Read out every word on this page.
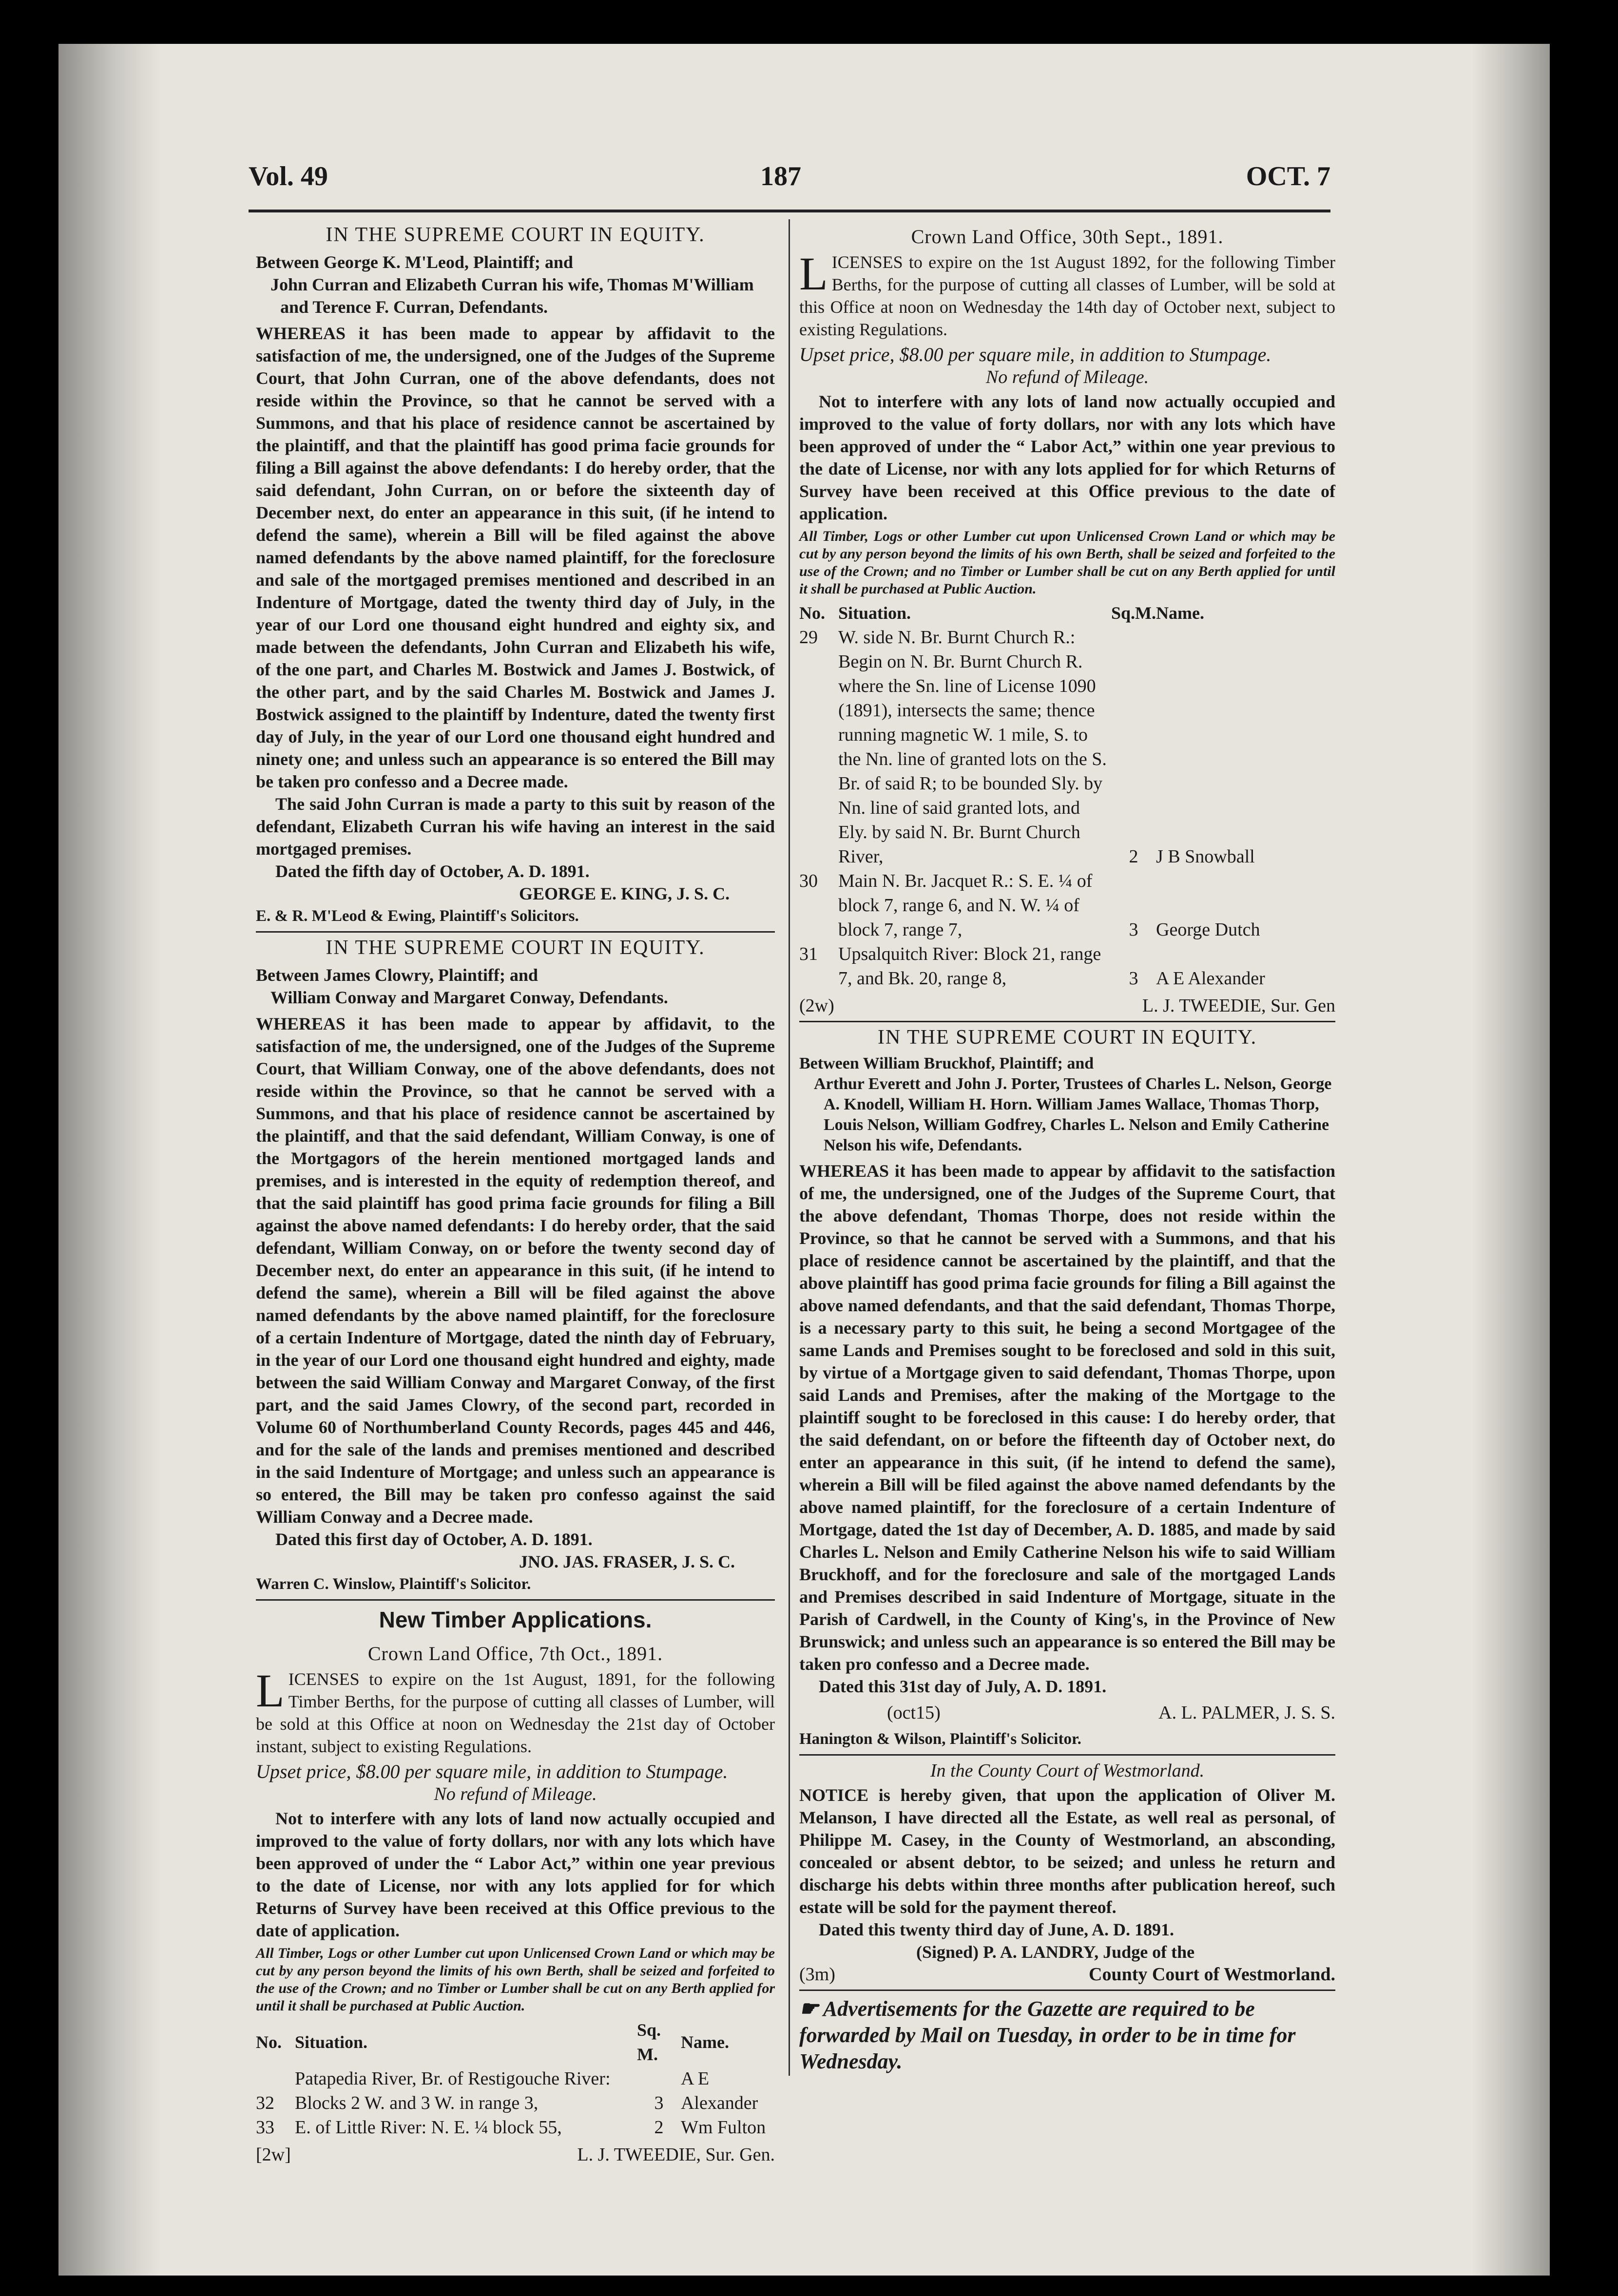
Vol. 49	187	OCT. 7
IN THE SUPREME COURT IN EQUITY.

Between George K. M'Leod, Plaintiff; and

John Curran and Elizabeth Curran his wife, Thomas M'William and Terence F. Curran, Defendants.

WHEREAS it has been made to appear by affidavit to the satisfaction of me, the undersigned, one of the Judges of the Supreme Court, that John Curran, one of the above defendants, does not reside within the Province, so that he cannot be served with a Summons, and that his place of residence cannot be ascertained by the plaintiff, and that the plaintiff has good prima facie grounds for filing a Bill against the above defendants: I do hereby order, that the said defendant, John Curran, on or before the sixteenth day of December next, do enter an appearance in this suit, (if he intend to defend the same), wherein a Bill will be filed against the above named defendants by the above named plaintiff, for the foreclosure and sale of the mortgaged premises mentioned and described in an Indenture of Mortgage, dated the twenty third day of July, in the year of our Lord one thousand eight hundred and eighty six, and made between the defendants, John Curran and Elizabeth his wife, of the one part, and Charles M. Bostwick and James J. Bostwick, of the other part, and by the said Charles M. Bostwick and James J. Bostwick assigned to the plaintiff by Indenture, dated the twenty first day of July, in the year of our Lord one thousand eight hundred and ninety one; and unless such an appearance is so entered the Bill may be taken pro confesso and a Decree made.

The said John Curran is made a party to this suit by reason of the defendant, Elizabeth Curran his wife having an interest in the said mortgaged premises.

Dated the fifth day of October, A. D. 1891.

GEORGE E. KING, J. S. C.

E. & R. M'Leod & Ewing, Plaintiff's Solicitors.

IN THE SUPREME COURT IN EQUITY.

Between James Clowry, Plaintiff; and

William Conway and Margaret Conway, Defendants.

WHEREAS it has been made to appear by affidavit, to the satisfaction of me, the undersigned, one of the Judges of the Supreme Court, that William Conway, one of the above defendants, does not reside within the Province, so that he cannot be served with a Summons, and that his place of residence cannot be ascertained by the plaintiff, and that the said defendant, William Conway, is one of the Mortgagors of the herein mentioned mortgaged lands and premises, and is interested in the equity of redemption thereof, and that the said plaintiff has good prima facie grounds for filing a Bill against the above named defendants: I do hereby order, that the said defendant, William Conway, on or before the twenty second day of December next, do enter an appearance in this suit, (if he intend to defend the same), wherein a Bill will be filed against the above named defendants by the above named plaintiff, for the foreclosure of a certain Indenture of Mortgage, dated the ninth day of February, in the year of our Lord one thousand eight hundred and eighty, made between the said William Conway and Margaret Conway, of the first part, and the said James Clowry, of the second part, recorded in Volume 60 of Northumberland County Records, pages 445 and 446, and for the sale of the lands and premises mentioned and described in the said Indenture of Mortgage; and unless such an appearance is so entered, the Bill may be taken pro confesso against the said William Conway and a Decree made.

Dated this first day of October, A. D. 1891.

JNO. JAS. FRASER, J. S. C.

Warren C. Winslow, Plaintiff's Solicitor.

New Timber Applications.
Crown Land Office, 7th Oct., 1891.

LICENSES to expire on the 1st August, 1891, for the following Timber Berths, for the purpose of cutting all classes of Lumber, will be sold at this Office at noon on Wednesday the 21st day of October instant, subject to existing Regulations.

Upset price, $8.00 per square mile, in addition to Stumpage.

No refund of Mileage.

Not to interfere with any lots of land now actually occupied and improved to the value of forty dollars, nor with any lots which have been approved of under the “ Labor Act,” within one year previous to the date of License, nor with any lots applied for for which Returns of Survey have been received at this Office previous to the date of application.

All Timber, Logs or other Lumber cut upon Unlicensed Crown Land or which may be cut by any person beyond the limits of his own Berth, shall be seized and forfeited to the use of the Crown; and no Timber or Lumber shall be cut on any Berth applied for until it shall be purchased at Public Auction.

No.	Situation.	Sq. M.	Name.
32	Patapedia River, Br. of Restigouche River: Blocks 2 W. and 3 W. in range 3,	3	A E Alexander
33	E. of Little River: N. E. ¼ block 55,	2	Wm Fulton
[2w]	L. J. TWEEDIE, Sur. Gen.
Crown Land Office, 30th Sept., 1891.

LICENSES to expire on the 1st August 1892, for the following Timber Berths, for the purpose of cutting all classes of Lumber, will be sold at this Office at noon on Wednesday the 14th day of October next, subject to existing Regulations.

Upset price, $8.00 per square mile, in addition to Stumpage.

No refund of Mileage.

Not to interfere with any lots of land now actually occupied and improved to the value of forty dollars, nor with any lots which have been approved of under the “ Labor Act,” within one year previous to the date of License, nor with any lots applied for for which Returns of Survey have been received at this Office previous to the date of application.

All Timber, Logs or other Lumber cut upon Unlicensed Crown Land or which may be cut by any person beyond the limits of his own Berth, shall be seized and forfeited to the use of the Crown; and no Timber or Lumber shall be cut on any Berth applied for until it shall be purchased at Public Auction.

No.	Situation.	Sq.M.	Name.
29	W. side N. Br. Burnt Church R.: Begin on N. Br. Burnt Church R. where the Sn. line of License 1090 (1891), intersects the same; thence running magnetic W. 1 mile, S. to the Nn. line of granted lots on the S. Br. of said R; to be bounded Sly. by Nn. line of said granted lots, and Ely. by said N. Br. Burnt Church River,	2	J B Snowball
30	Main N. Br. Jacquet R.: S. E. ¼ of block 7, range 6, and N. W. ¼ of block 7, range 7,	3	George Dutch
31	Upsalquitch River: Block 21, range 7, and Bk. 20, range 8,	3	A E Alexander
(2w)	L. J. TWEEDIE, Sur. Gen
IN THE SUPREME COURT IN EQUITY.

Between William Bruckhof, Plaintiff; and

Arthur Everett and John J. Porter, Trustees of Charles L. Nelson, George A. Knodell, William H. Horn. William James Wallace, Thomas Thorp, Louis Nelson, William Godfrey, Charles L. Nelson and Emily Catherine Nelson his wife, Defendants.

WHEREAS it has been made to appear by affidavit to the satisfaction of me, the undersigned, one of the Judges of the Supreme Court, that the above defendant, Thomas Thorpe, does not reside within the Province, so that he cannot be served with a Summons, and that his place of residence cannot be ascertained by the plaintiff, and that the above plaintiff has good prima facie grounds for filing a Bill against the above named defendants, and that the said defendant, Thomas Thorpe, is a necessary party to this suit, he being a second Mortgagee of the same Lands and Premises sought to be foreclosed and sold in this suit, by virtue of a Mortgage given to said defendant, Thomas Thorpe, upon said Lands and Premises, after the making of the Mortgage to the plaintiff sought to be foreclosed in this cause: I do hereby order, that the said defendant, on or before the fifteenth day of October next, do enter an appearance in this suit, (if he intend to defend the same), wherein a Bill will be filed against the above named defendants by the above named plaintiff, for the foreclosure of a certain Indenture of Mortgage, dated the 1st day of December, A. D. 1885, and made by said Charles L. Nelson and Emily Catherine Nelson his wife to said William Bruckhoff, and for the foreclosure and sale of the mortgaged Lands and Premises described in said Indenture of Mortgage, situate in the Parish of Cardwell, in the County of King's, in the Province of New Brunswick; and unless such an appearance is so entered the Bill may be taken pro confesso and a Decree made.

Dated this 31st day of July, A. D. 1891.

(oct15)	A. L. PALMER, J. S. S.

Hanington & Wilson, Plaintiff's Solicitor.

In the County Court of Westmorland.

NOTICE is hereby given, that upon the application of Oliver M. Melanson, I have directed all the Estate, as well real as personal, of Philippe M. Casey, in the County of Westmorland, an absconding, concealed or absent debtor, to be seized; and unless he return and discharge his debts within three months after publication hereof, such estate will be sold for the payment thereof.

Dated this twenty third day of June, A. D. 1891.

(Signed) P. A. LANDRY, Judge of the

(3m)	County Court of Westmorland.

☛ Advertisements for the Gazette are required to be forwarded by Mail on Tuesday, in order to be in time for Wednesday.
